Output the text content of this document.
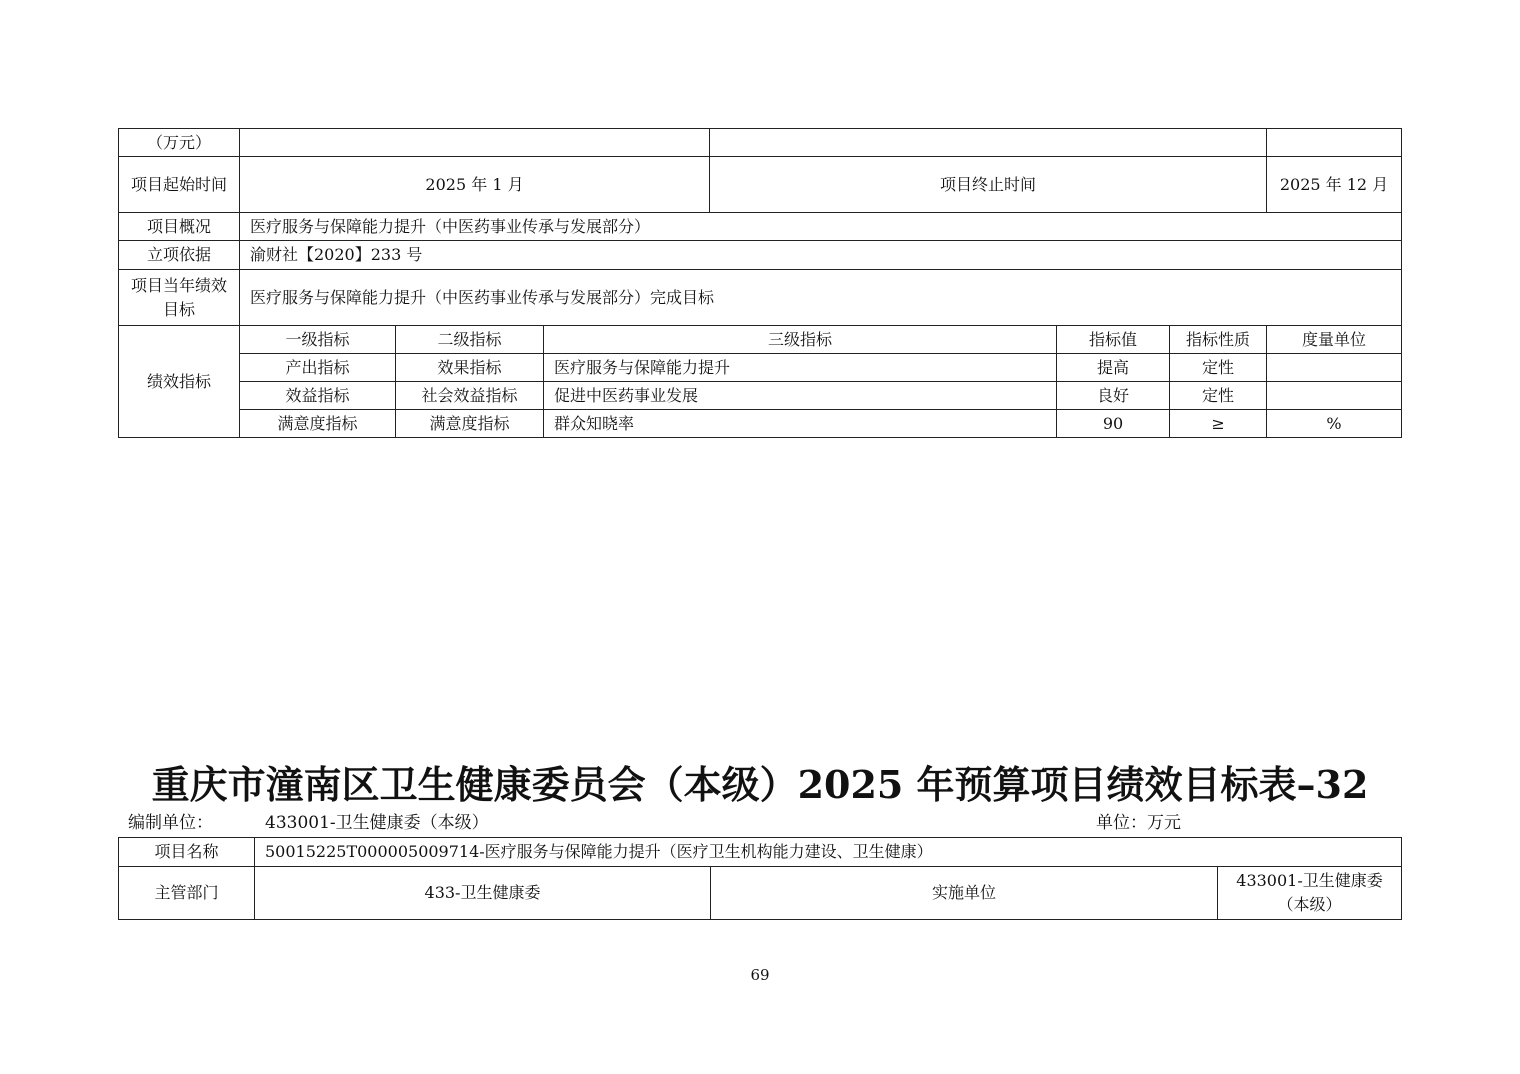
（万元）							
项目起始时间	2025 年 1 月			项目终止时间			2025 年 12 月
项目概况	医疗服务与保障能力提升（中医药事业传承与发展部分）						
立项依据	渝财社【2020】233 号						
项目当年绩效目标	医疗服务与保障能力提升（中医药事业传承与发展部分）完成目标						
绩效指标	一级指标	二级指标	三级指标		指标值	指标性质	度量单位
	产出指标	效果指标	医疗服务与保障能力提升		提高	定性	
	效益指标	社会效益指标	促进中医药事业发展		良好	定性	
	满意度指标	满意度指标	群众知晓率		90	≥	%
重庆市潼南区卫生健康委员会（本级）2025 年预算项目绩效目标表–32
编制单位：	433001-卫生健康委（本级）	单位：万元
项目名称	50015225T000005009714-医疗服务与保障能力提升（医疗卫生机构能力建设、卫生健康）		
主管部门	433-卫生健康委	实施单位	433001-卫生健康委（本级）
69
